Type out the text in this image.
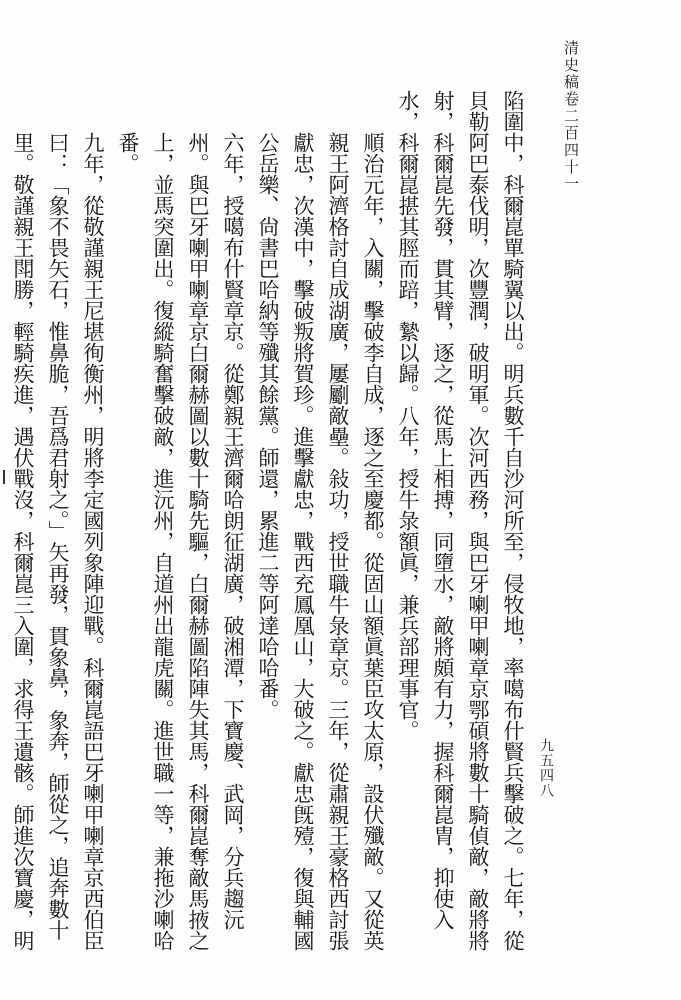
清史稿卷二百四十一
九五四八

陷圍中，科爾崑單騎翼以出。明兵數千自沙河所至，侵牧地，率噶布什賢兵擊破之。七年，從貝勒阿巴泰伐明，次豐潤，破明軍。次河西務，與巴牙喇甲喇章京鄂碩將數十騎偵敵，敵將將射，科爾崑先發，貫其臂，逐之，從馬上相搏，同墮水，敵將頗有力，握科爾崑胄，抑使入水，科爾崑揕其脛而踣，縶以歸。八年，授牛彔額眞，兼兵部理事官。

順治元年，入關，擊破李自成，逐之至慶都。從固山額眞葉臣攻太原，設伏殲敵。又從英親王阿濟格討自成湖廣，屢劚敵壘。敍功，授世職牛彔章京。三年，從肅親王豪格西討張獻忠，次漢中，擊破叛將賀珍。進擊獻忠，戰西充鳳凰山，大破之。獻忠旣殪，復與輔國公岳樂、尙書巴哈納等殲其餘黨。師還，累進二等阿達哈哈番。

六年，授噶布什賢章京。從鄭親王濟爾哈朗征湖廣，破湘潭，下寶慶、武岡，分兵趨沅州。與巴牙喇甲喇章京白爾赫圖以數十騎先驅，白爾赫圖陷陣失其馬，科爾崑奪敵馬掖之上，並馬突圍出。復縱騎奮擊破敵，進沅州，自道州出龍虎關。進世職一等，兼拖沙喇哈番。

九年，從敬謹親王尼堪徇衡州，明將李定國列象陣迎戰。科爾崑語巴牙喇甲喇章京西伯臣曰：「象不畏矢石，惟鼻脆，吾爲君射之。」矢再發，貫象鼻，象奔，師從之，追奔數十里。敬謹親王閗勝，輕騎疾進，遇伏戰沒，科爾崑三入圍，求得王遺骸。師進次寶慶，明
